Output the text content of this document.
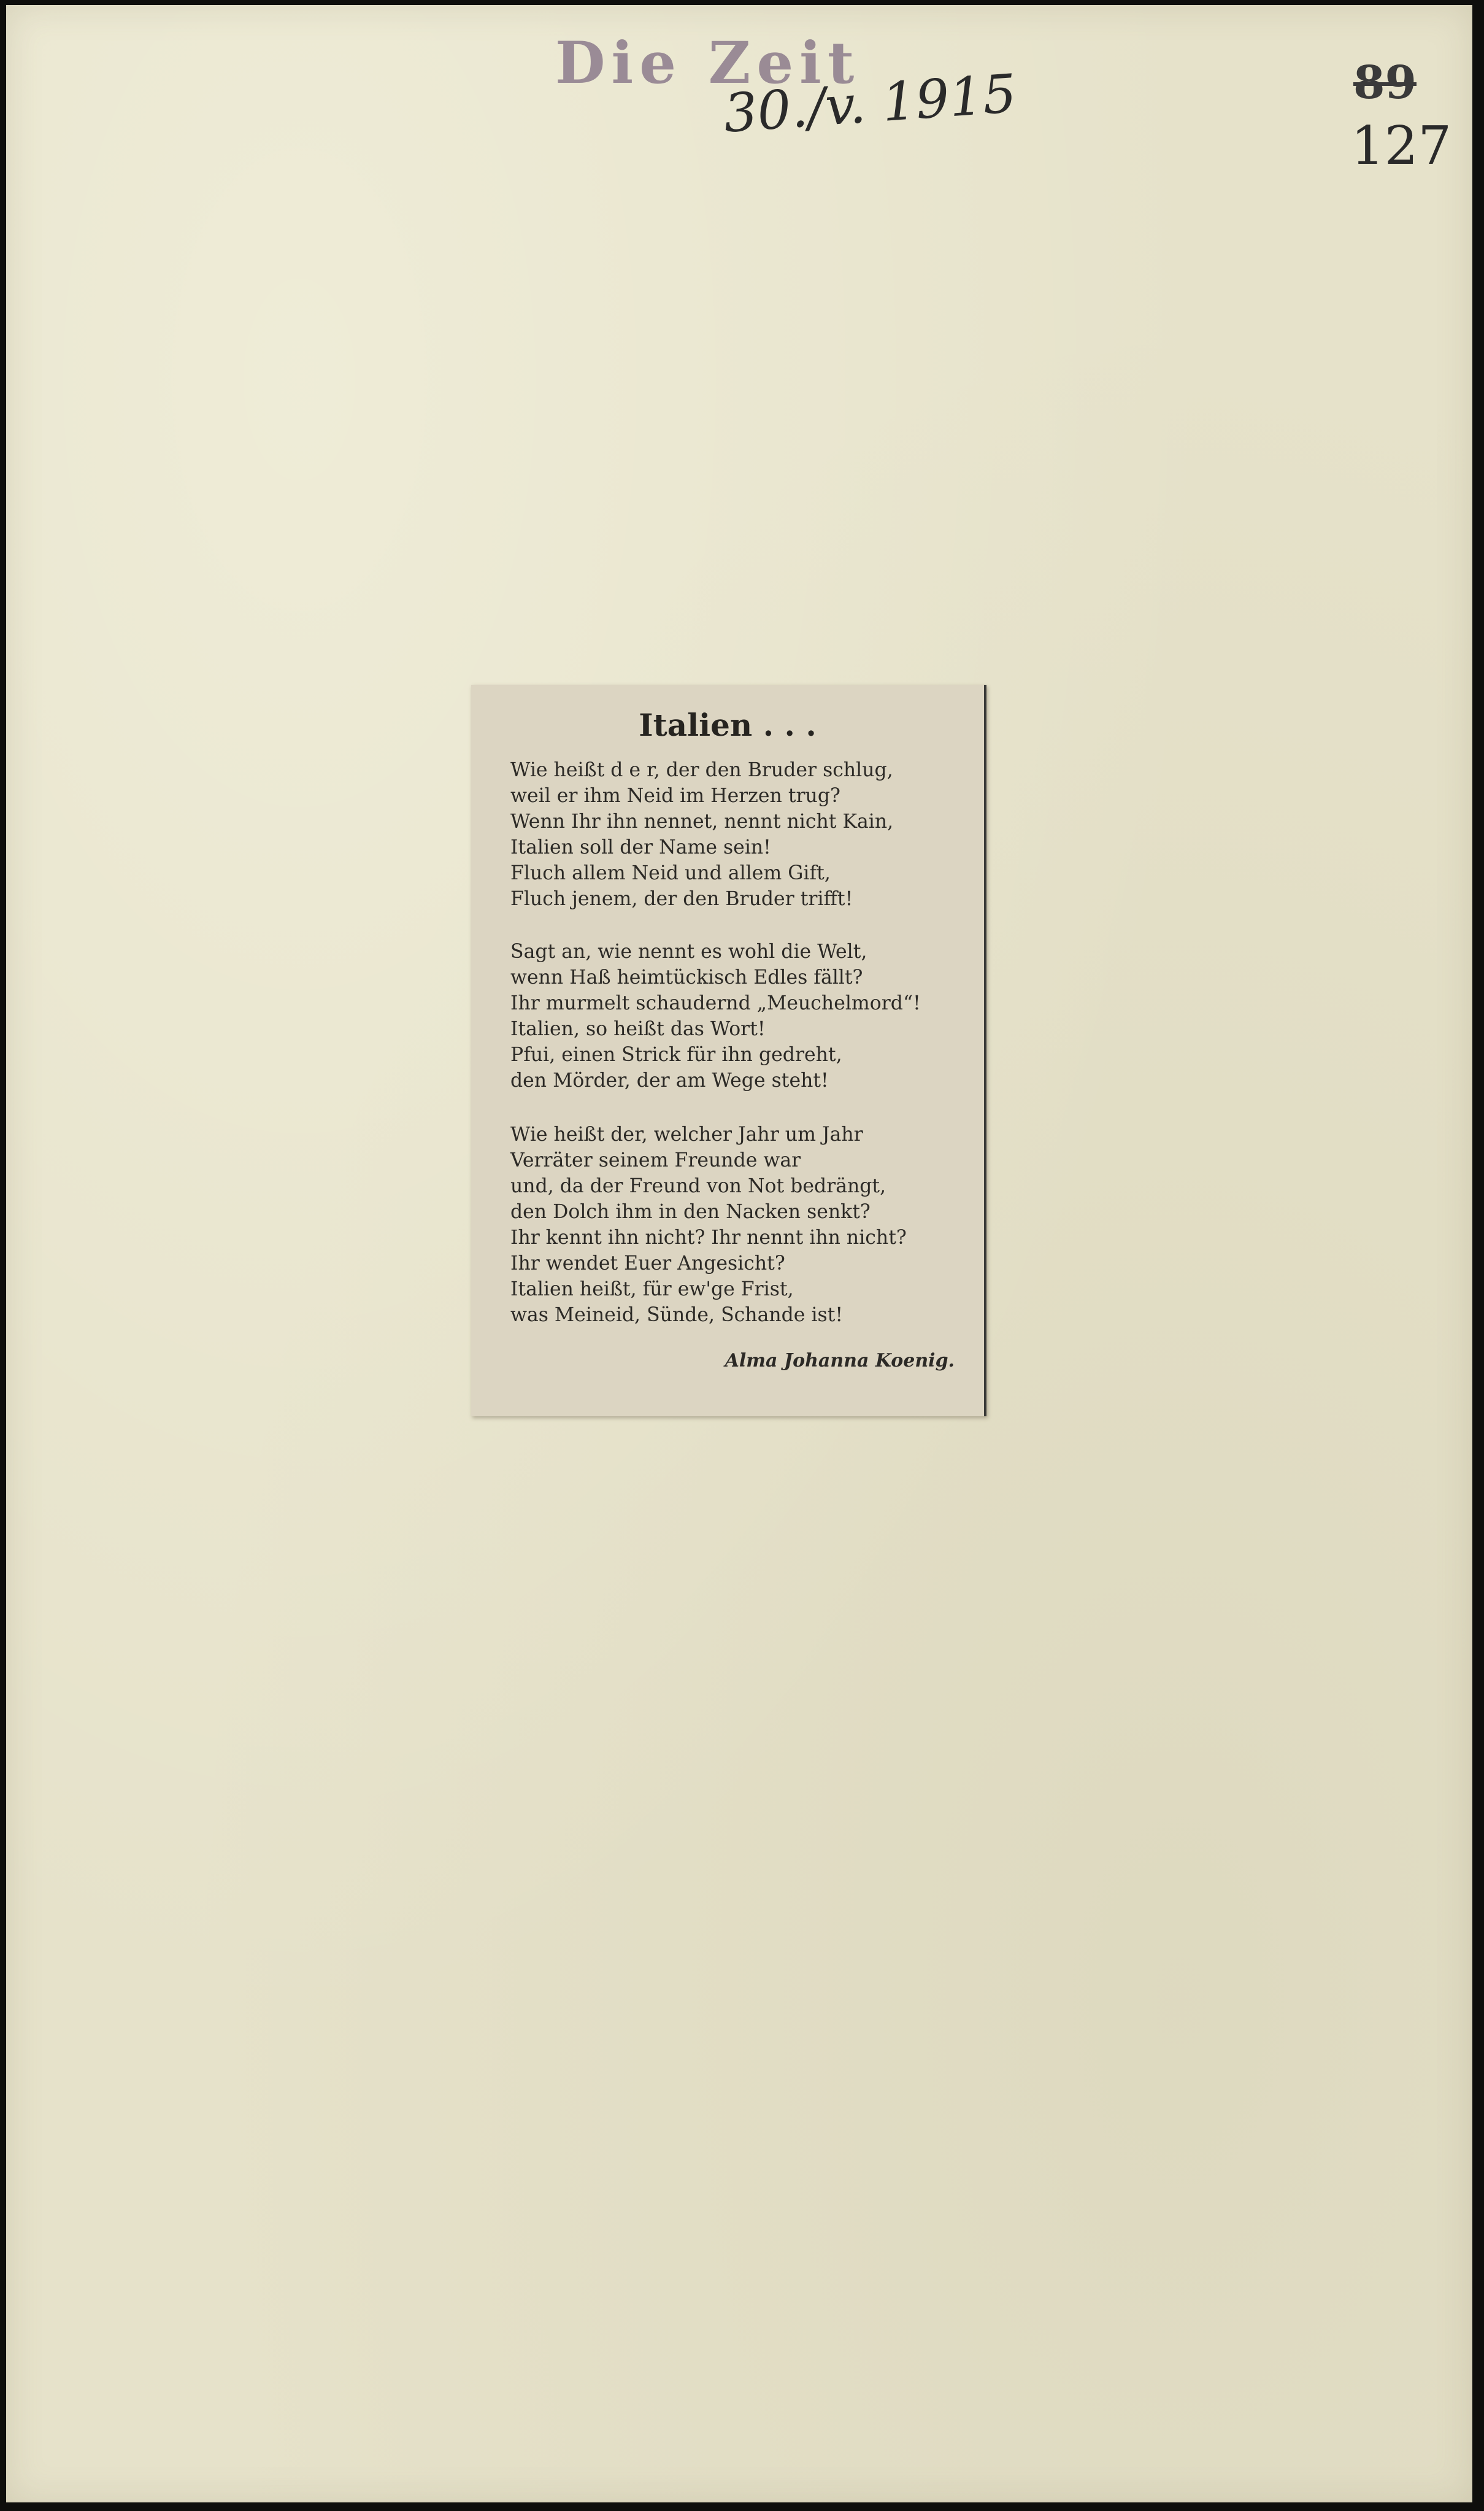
Die Zeit
30./v. 1915	89
127
Italien . . .
Wie heißt d e r, der den Bruder schlug,
weil er ihm Neid im Herzen trug?
Wenn Ihr ihn nennet, nennt nicht Kain,
Italien soll der Name sein!
Fluch allem Neid und allem Gift,
Fluch jenem, der den Bruder trifft!
Sagt an, wie nennt es wohl die Welt,
wenn Haß heimtückisch Edles fällt?
Ihr murmelt schaudernd „Meuchelmord“!
Italien, so heißt das Wort!
Pfui, einen Strick für ihn gedreht,
den Mörder, der am Wege steht!
Wie heißt der, welcher Jahr um Jahr
Verräter seinem Freunde war
und, da der Freund von Not bedrängt,
den Dolch ihm in den Nacken senkt?
Ihr kennt ihn nicht? Ihr nennt ihn nicht?
Ihr wendet Euer Angesicht?
Italien heißt, für ew'ge Frist,
was Meineid, Sünde, Schande ist!
Alma Johanna Koenig.
